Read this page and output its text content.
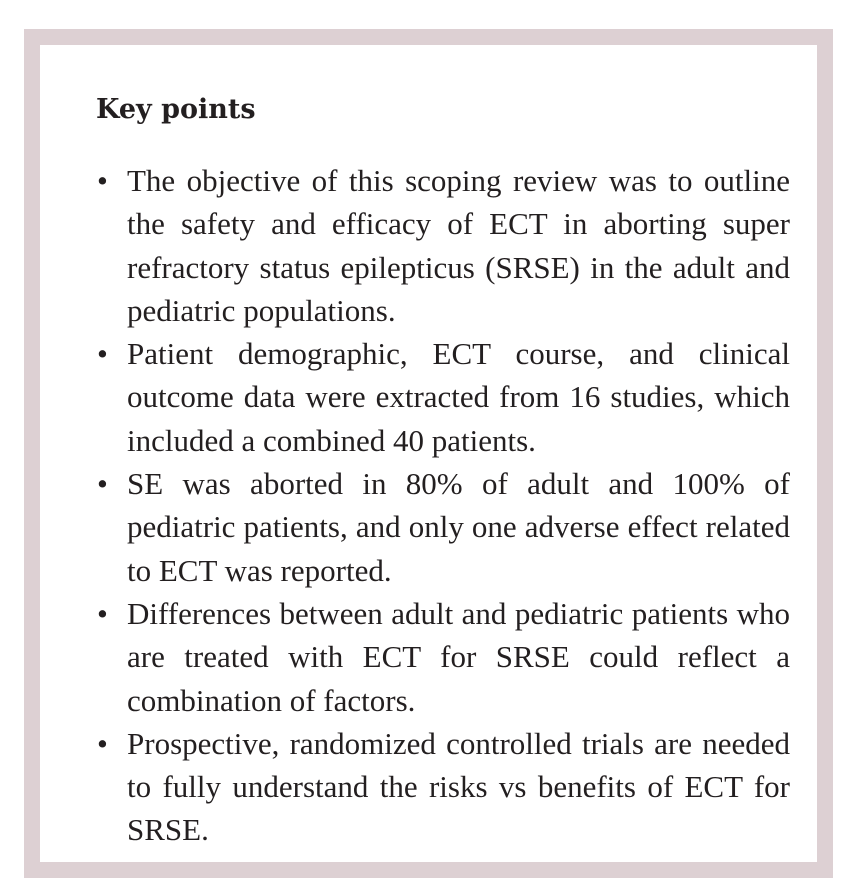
Key points
• The objective of this scoping review was to outline the safety and efficacy of ECT in aborting super refractory status epilepticus (SRSE) in the adult and pediatric populations.
• Patient demographic, ECT course, and clinical outcome data were extracted from 16 studies, which included a combined 40 patients.
• SE was aborted in 80% of adult and 100% of pediatric patients, and only one adverse effect related to ECT was reported.
• Differences between adult and pediatric patients who are treated with ECT for SRSE could reflect a combination of factors.
• Prospective, randomized controlled trials are needed to fully understand the risks vs benefits of ECT for SRSE.
